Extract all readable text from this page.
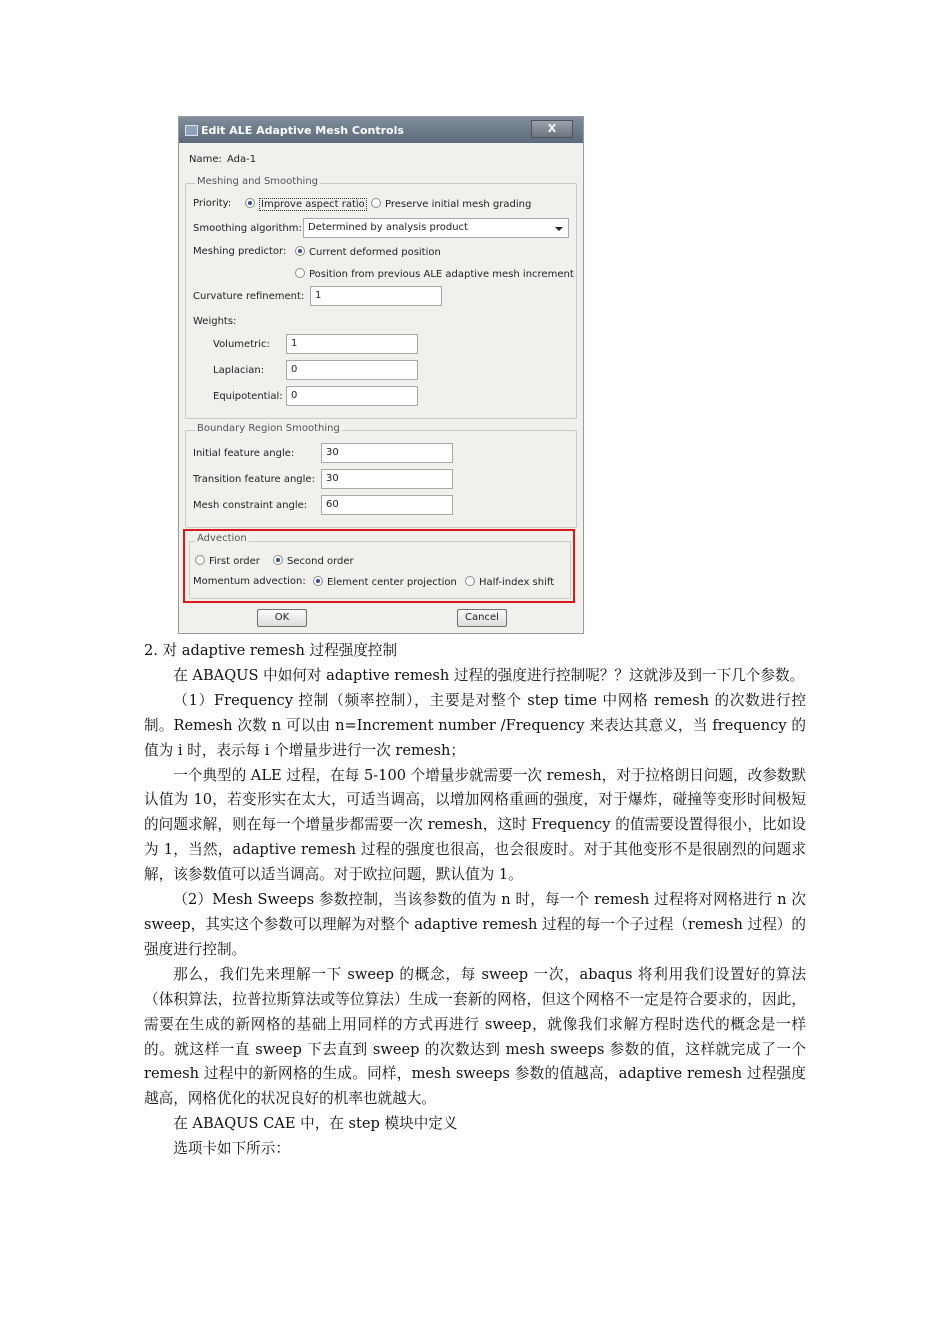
Edit ALE Adaptive Mesh Controls	X
Name: Ada-1
Meshing and Smoothing
Priority:	Improve aspect ratio	Preserve initial mesh grading
Smoothing algorithm: Determined by analysis product
Meshing predictor:	Current deformed position
Position from previous ALE adaptive mesh increment
Curvature refinement:	1
Weights:
Volumetric:	1
Laplacian:	0
Equipotential: 0
Boundary Region Smoothing
Initial feature angle:	30
Transition feature angle:	30
Mesh constraint angle:	60
Advection
First order	Second order
Momentum advection:	Element center projection	Half-index shift
OK	Cancel

2. 对 adaptive remesh 过程强度控制

在 ABAQUS 中如何对 adaptive remesh 过程的强度进行控制呢？？这就涉及到一下几个参数。

（1）Frequency 控制（频率控制），主要是对整个 step time 中网格 remesh 的次数进行控制。Remesh 次数 n 可以由 n=Increment number /Frequency 来表达其意义，当 frequency 的值为 i 时，表示每 i 个增量步进行一次 remesh；

一个典型的 ALE 过程，在每 5-100 个增量步就需要一次 remesh，对于拉格朗日问题，改参数默认值为 10，若变形实在太大，可适当调高，以增加网格重画的强度，对于爆炸，碰撞等变形时间极短的问题求解，则在每一个增量步都需要一次 remesh，这时 Frequency 的值需要设置得很小，比如设为 1，当然，adaptive remesh 过程的强度也很高，也会很废时。对于其他变形不是很剧烈的问题求解，该参数值可以适当调高。对于欧拉问题，默认值为 1。

（2）Mesh Sweeps 参数控制，当该参数的值为 n 时，每一个 remesh 过程将对网格进行 n 次 sweep，其实这个参数可以理解为对整个 adaptive remesh 过程的每一个子过程（remesh 过程）的强度进行控制。

那么，我们先来理解一下 sweep 的概念，每 sweep 一次，abaqus 将利用我们设置好的算法（体积算法，拉普拉斯算法或等位算法）生成一套新的网格，但这个网格不一定是符合要求的，因此，需要在生成的新网格的基础上用同样的方式再进行 sweep，就像我们求解方程时迭代的概念是一样的。就这样一直 sweep 下去直到 sweep 的次数达到 mesh sweeps 参数的值，这样就完成了一个 remesh 过程中的新网格的生成。同样，mesh sweeps 参数的值越高，adaptive remesh 过程强度越高，网格优化的状况良好的机率也就越大。

在 ABAQUS CAE 中，在 step 模块中定义

选项卡如下所示：
